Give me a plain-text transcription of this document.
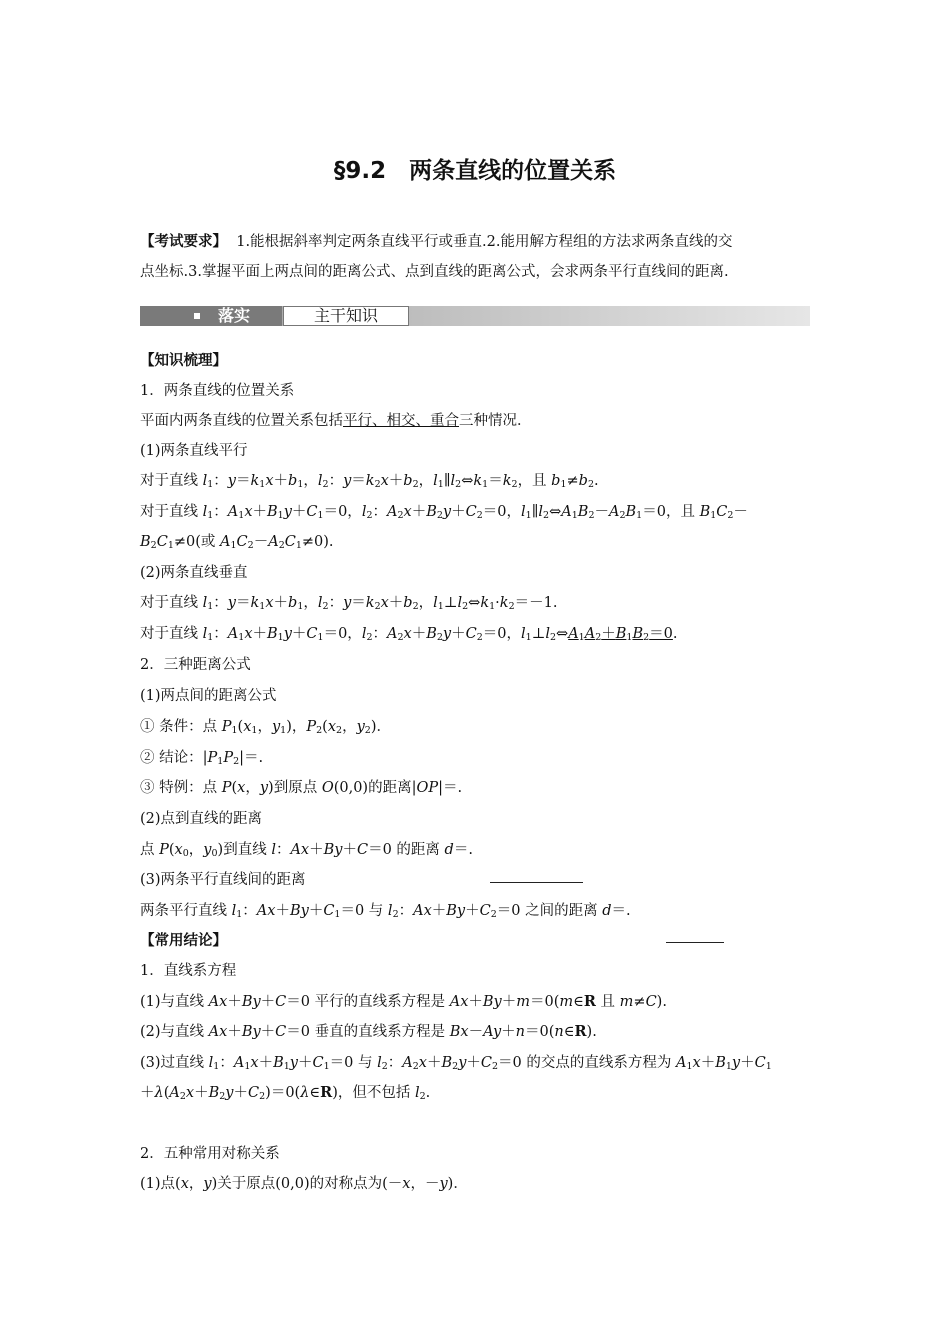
§9.2　两条直线的位置关系
【考试要求】 1.能根据斜率判定两条直线平行或垂直.2.能用解方程组的方法求两条直线的交
点坐标.3.掌握平面上两点间的距离公式、点到直线的距离公式，会求两条平行直线间的距离.
落实	主干知识
【知识梳理】
1．两条直线的位置关系
平面内两条直线的位置关系包括平行、相交、重合三种情况．
(1)两条直线平行
对于直线 $l_1$：$y=k_1x+b_1$，$l_2$：$y=k_2x+b_2$，$l_1\parallel l_2\Leftrightarrow k_1=k_2$，且 $b_1\ne b_2$.
对于直线 $l_1$：$A_1x+B_1y+C_1=0$，$l_2$：$A_2x+B_2y+C_2=0$，$l_1\parallel l_2\Leftrightarrow A_1B_2-A_2B_1=0$，且 $B_1C_2-$
$B_2C_1\ne 0$(或 $A_1C_2-A_2C_1\ne 0$).
(2)两条直线垂直
对于直线 $l_1$：$y=k_1x+b_1$，$l_2$：$y=k_2x+b_2$，$l_1\perp l_2\Leftrightarrow k_1\cdot k_2=-1$.
对于直线 $l_1$：$A_1x+B_1y+C_1=0$，$l_2$：$A_2x+B_2y+C_2=0$，$l_1\perp l_2\Leftrightarrow A_1A_2+B_1B_2=0$.
2．三种距离公式
(1)两点间的距离公式
① 条件：点 $P_1(x_1$，$y_1$)，$P_2(x_2$，$y_2$)．
② 结论：$|P_1P_2|=$.
③ 特例：点 P(x，y)到原点 O(0,0)的距离|OP|＝.
(2)点到直线的距离
点 $P(x_0$，$y_0$)到直线 l：Ax＋By＋C＝0 的距离 d＝.
(3)两条平行直线间的距离
两条平行直线 $l_1$：$Ax+By+C_1=0$ 与 $l_2$：$Ax+By+C_2=0$ 之间的距离 d＝.
【常用结论】
1．直线系方程
(1)与直线 Ax＋By＋C＝0 平行的直线系方程是 Ax＋By＋m＝0(m∈R 且 m≠C).
(2)与直线 Ax＋By＋C＝0 垂直的直线系方程是 Bx－Ay＋n＝0(n∈R).
(3)过直线 $l_1$：$A_1x+B_1y+C_1=0$ 与 $l_2$：$A_2x+B_2y+C_2=0$ 的交点的直线系方程为 $A_1x+B_1y+C_1$
$+\lambda(A_2x+B_2y+C_2)=0(\lambda\in R)$，但不包括 $l_2$.
2．五种常用对称关系
(1)点(x，y)关于原点(0,0)的对称点为(－x，－y)．
